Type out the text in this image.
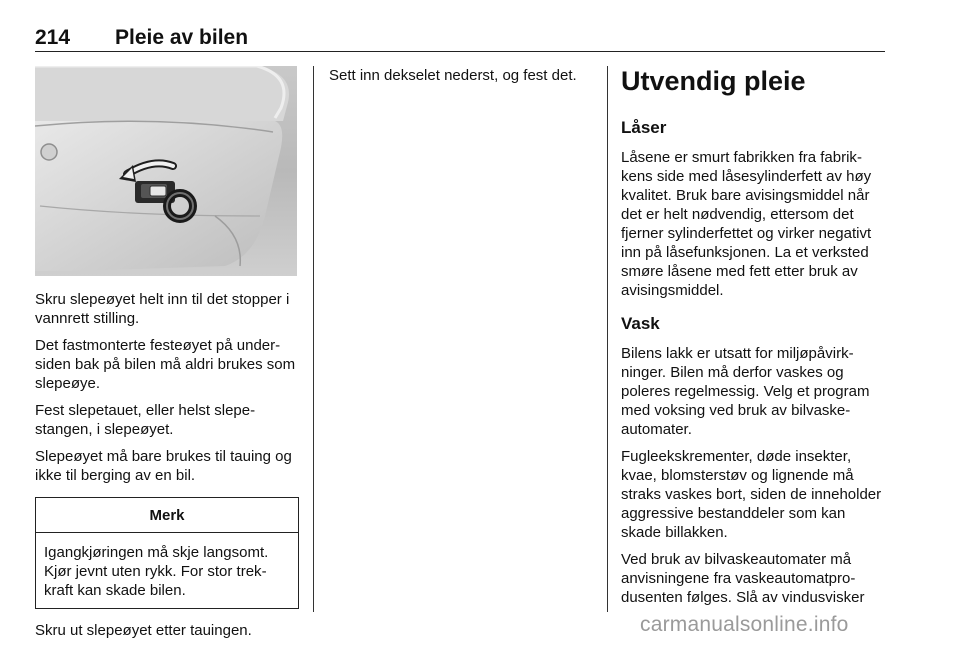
214 Pleie av bilen

Skru slepeøyet helt inn til det stopper i vannrett stilling.

Det fastmonterte festeøyet på undersiden bak på bilen må aldri brukes som slepeøye.

Fest slepetauet, eller helst slepestangen, i slepeøyet.

Slepeøyet må bare brukes til tauing og ikke til berging av en bil.

Merk
Igangkjøringen må skje langsomt. Kjør jevnt uten rykk. For stor trekkraft kan skade bilen.

Skru ut slepeøyet etter tauingen.

Sett inn dekselet nederst, og fest det.	Utvendig pleie
Låser

Låsene er smurt fabrikken fra fabrikkens side med låsesylinderfett av høy kvalitet. Bruk bare avisingsmiddel når det er helt nødvendig, ettersom det fjerner sylinderfettet og virker negativt inn på låsefunksjonen. La et verksted smøre låsene med fett etter bruk av avisingsmiddel.

Vask

Bilens lakk er utsatt for miljøpåvirkninger. Bilen må derfor vaskes og poleres regelmessig. Velg et program med voksing ved bruk av bilvaskeautomater.

Fugleekskrementer, døde insekter, kvae, blomsterstøv og lignende må straks vaskes bort, siden de inneholder aggressive bestanddeler som kan skade billakken.

Ved bruk av bilvaskeautomater må anvisningene fra vaskeautomatprodusenten følges. Slå av vindusvisker

carmanualsonline.info
